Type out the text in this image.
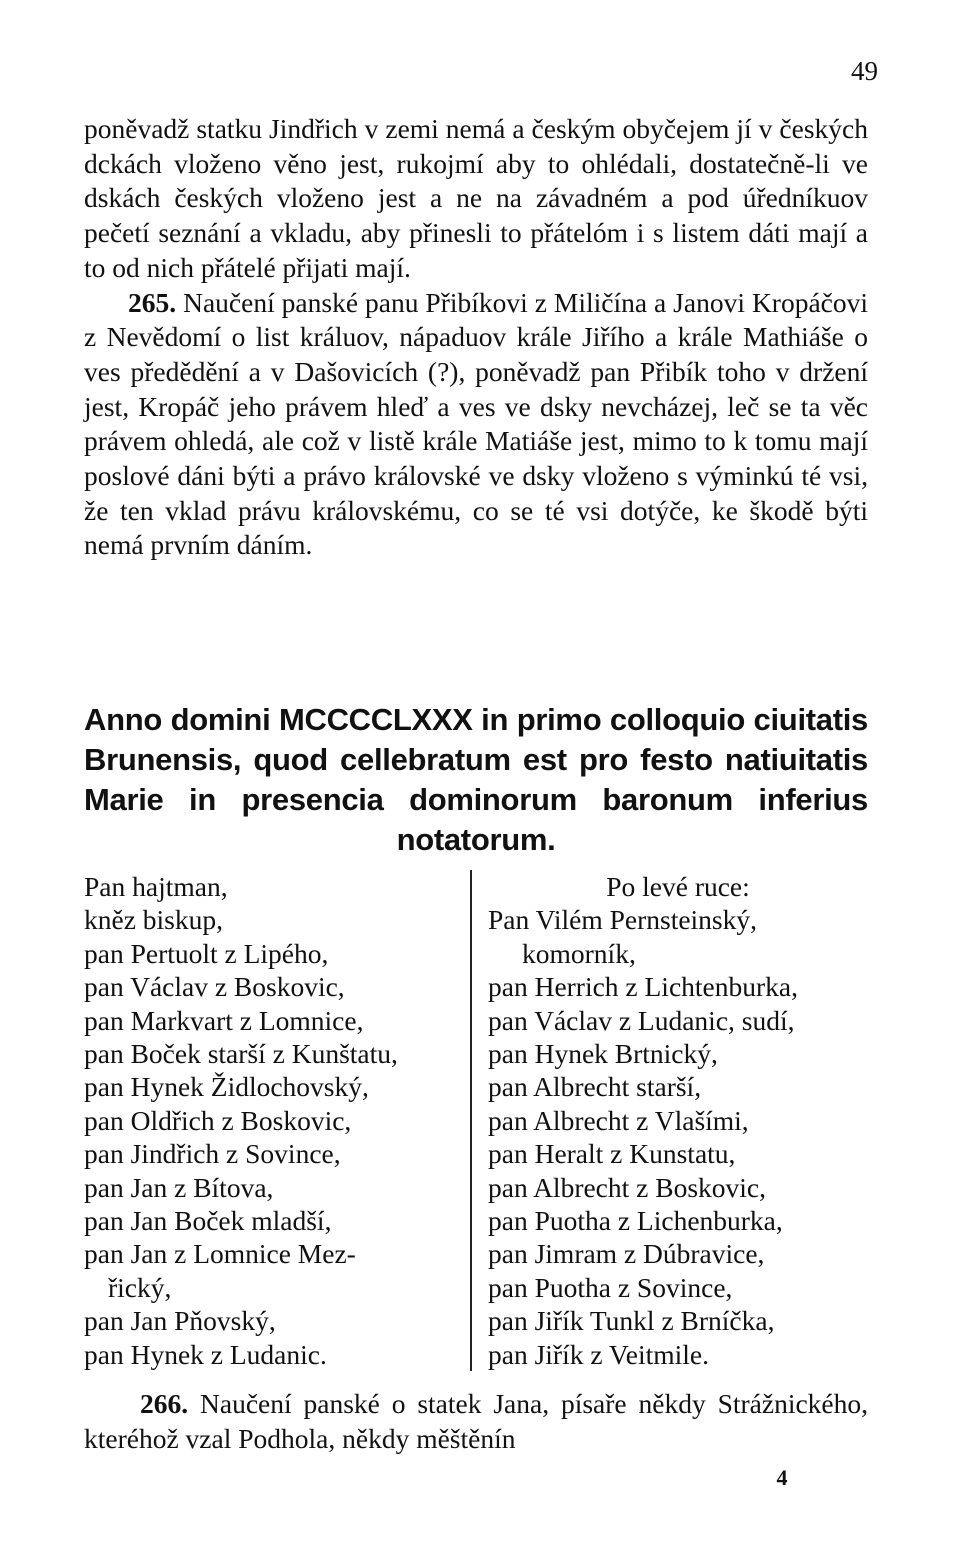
49

poněvadž statku Jindřich v zemi nemá a českým obyčejem jí v českých dckách vloženo věno jest, rukojmí aby to ohlédali, dostatečně-li ve dskách českých vloženo jest a ne na závadném a pod úředníkuov pečetí seznání a vkladu, aby přinesli to přátelóm i s listem dáti mají a to od nich přátelé přijati mají.

265. Naučení panské panu Přibíkovi z Miličína a Janovi Kropáčovi z Nevědomí o list králuov, nápaduov krále Jiřího a krále Mathiáše o ves předědění a v Dašovicích (?), poněvadž pan Přibík toho v držení jest, Kropáč jeho právem hleď a ves ve dsky nevcházej, leč se ta věc právem ohledá, ale což v listě krále Matiáše jest, mimo to k tomu mají poslové dáni býti a právo královské ve dsky vloženo s výminkú té vsi, že ten vklad právu královskému, co se té vsi dotýče, ke škodě býti nemá prvním dáním.

Anno domini MCCCCLXXX in primo colloquio ciuitatis Brunensis, quod cellebratum est pro festo natiuitatis Marie in presencia dominorum baronum inferius notatorum.
Pan hajtman,
kněz biskup,
pan Pertuolt z Lipého,
pan Václav z Boskovic,
pan Markvart z Lomnice,
pan Boček starší z Kunštatu,
pan Hynek Židlochovský,
pan Oldřich z Boskovic,
pan Jindřich z Sovince,
pan Jan z Bítova,
pan Jan Boček mladší,
pan Jan z Lomnice Mez-
řický,
pan Jan Pňovský,
pan Hynek z Ludanic.
Po levé ruce:
Pan Vilém Pernsteinský,
komorník,
pan Herrich z Lichtenburka,
pan Václav z Ludanic, sudí,
pan Hynek Brtnický,
pan Albrecht starší,
pan Albrecht z Vlašími,
pan Heralt z Kunstatu,
pan Albrecht z Boskovic,
pan Puotha z Lichenburka,
pan Jimram z Dúbravice,
pan Puotha z Sovince,
pan Jiřík Tunkl z Brníčka,
pan Jiřík z Veitmile.
266. Naučení panské o statek Jana, písaře někdy Strážnického, kteréhož vzal Podhola, někdy měštěnín
4
